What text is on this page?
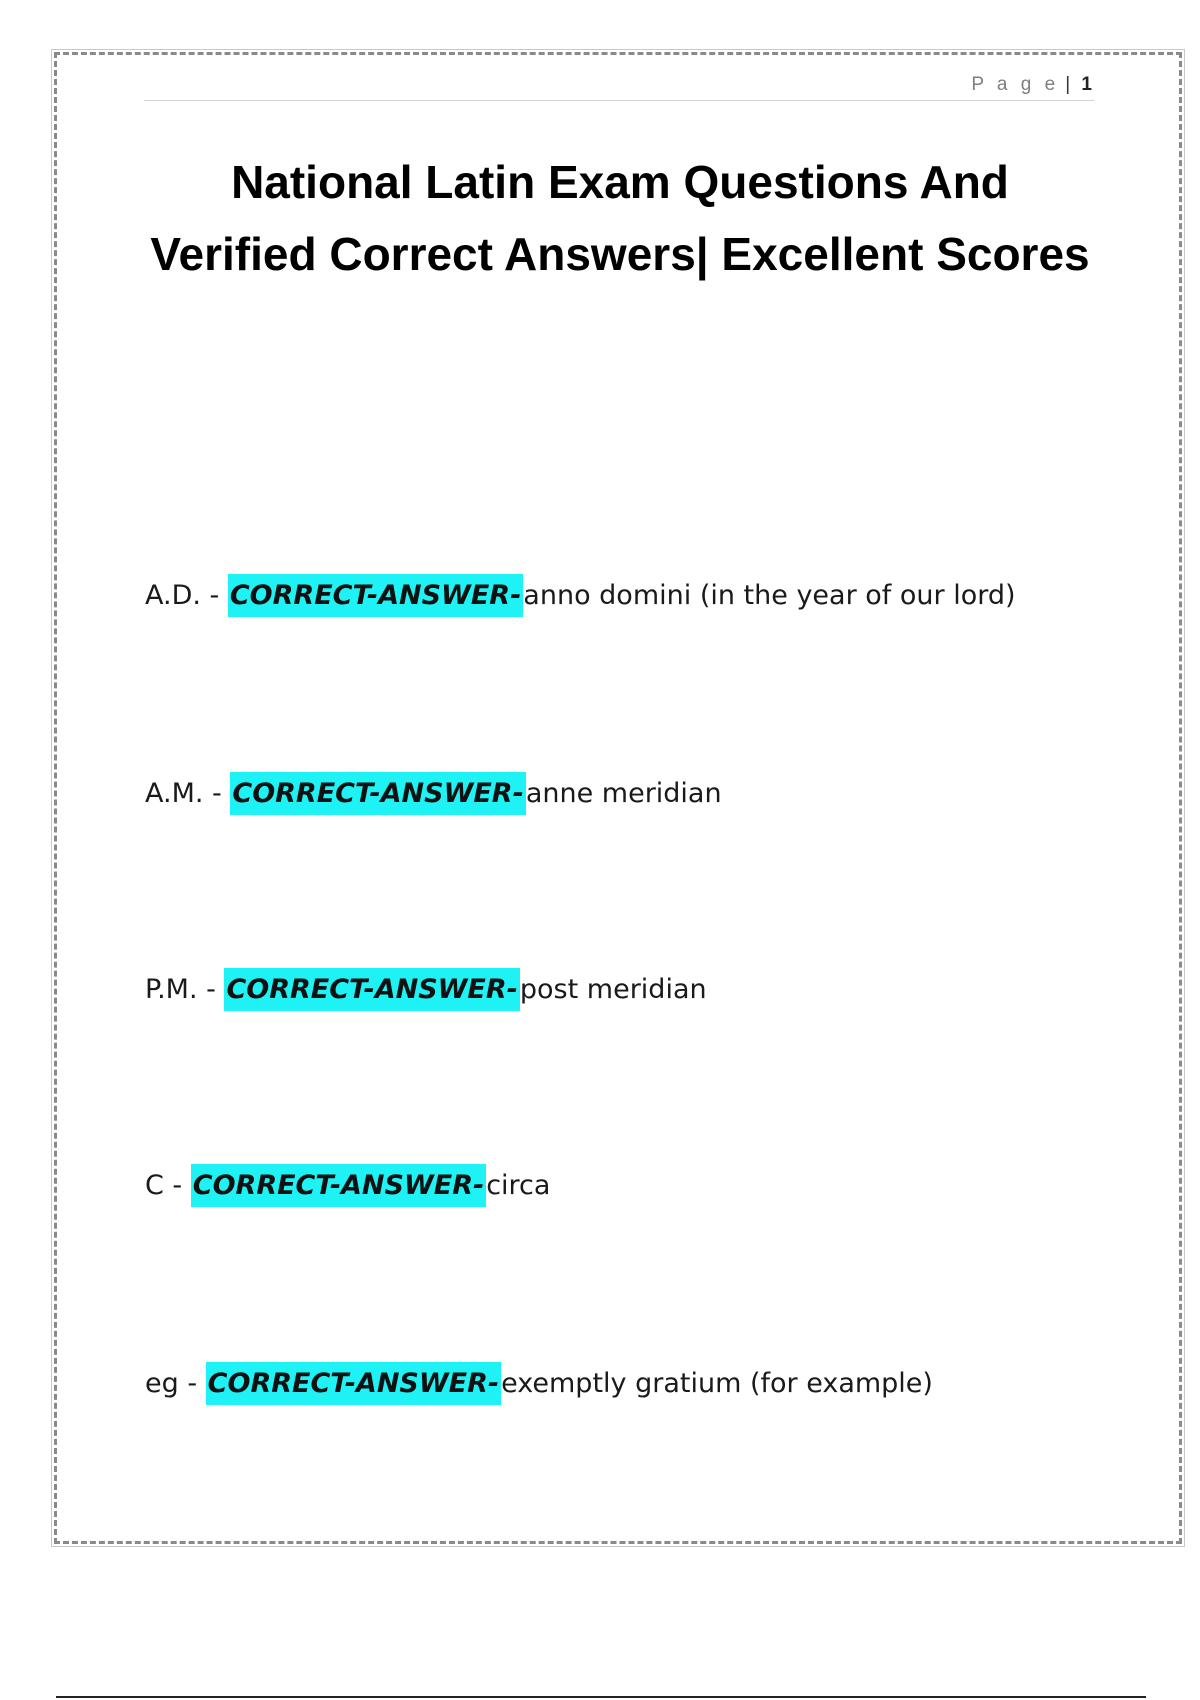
P a g e | 1
National Latin Exam Questions And Verified Correct Answers| Excellent Scores
A.D. - CORRECT-ANSWER-anno domini (in the year of our lord)
A.M. - CORRECT-ANSWER-anne meridian
P.M. - CORRECT-ANSWER-post meridian
C - CORRECT-ANSWER-circa
eg - CORRECT-ANSWER-exemptly gratium (for example)
